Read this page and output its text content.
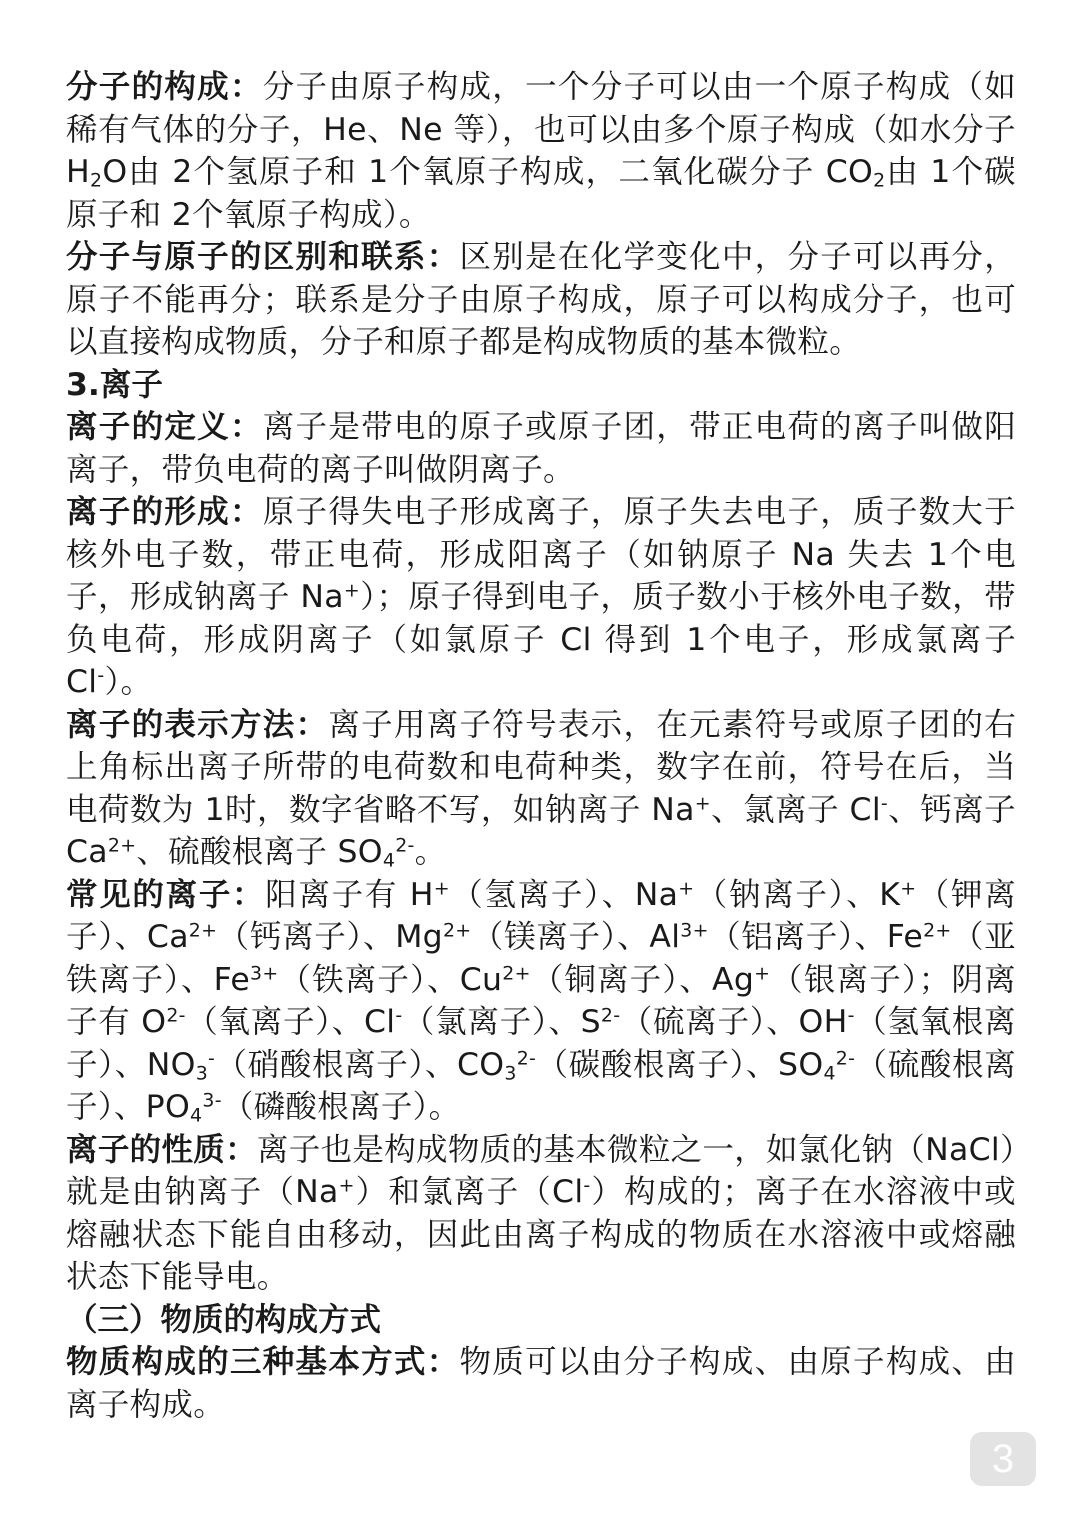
分子的构成：分子由原子构成，一个分子可以由一个原子构成（如稀有气体的分子，He、Ne 等），也可以由多个原子构成（如水分子 $H_2O$由 2个氢原子和 1个氧原子构成，二氧化碳分子 $CO_2$由 1个碳原子和 2个氧原子构成）。

分子与原子的区别和联系：区别是在化学变化中，分子可以再分，原子不能再分；联系是分子由原子构成，原子可以构成分子，也可以直接构成物质，分子和原子都是构成物质的基本微粒。

3.离子

离子的定义：离子是带电的原子或原子团，带正电荷的离子叫做阳离子，带负电荷的离子叫做阴离子。

离子的形成：原子得失电子形成离子，原子失去电子，质子数大于核外电子数，带正电荷，形成阳离子（如钠原子 Na 失去 1个电子，形成钠离子 Na+）；原子得到电子，质子数小于核外电子数，带负电荷，形成阴离子（如氯原子 Cl 得到 1个电子，形成氯离子 Cl-）。

离子的表示方法：离子用离子符号表示，在元素符号或原子团的右上角标出离子所带的电荷数和电荷种类，数字在前，符号在后，当电荷数为 1时，数字省略不写，如钠离子 Na+、氯离子 Cl-、钙离子 $Ca^{2+}$、硫酸根离子 $SO_4^{2-}$。

常见的离子：阳离子有 H+（氢离子）、Na+（钠离子）、K+（钾离子）、$Ca^{2+}$（钙离子）、$Mg^{2+}$（镁离子）、$Al^{3+}$（铝离子）、$Fe^{2+}$（亚铁离子）、$Fe^{3+}$（铁离子）、$Cu^{2+}$（铜离子）、Ag+（银离子）；阴离子有 $O^{2-}$（氧离子）、Cl-（氯离子）、$S^{2-}$（硫离子）、OH-（氢氧根离子）、$NO_3^-$（硝酸根离子）、$CO_3^{2-}$（碳酸根离子）、$SO_4^{2-}$（硫酸根离子）、$PO_4^{3-}$（磷酸根离子）。

离子的性质：离子也是构成物质的基本微粒之一，如氯化钠（NaCl）就是由钠离子（Na+）和氯离子（Cl-）构成的；离子在水溶液中或熔融状态下能自由移动，因此由离子构成的物质在水溶液中或熔融状态下能导电。

（三）物质的构成方式

物质构成的三种基本方式：物质可以由分子构成、由原子构成、由离子构成。

3
